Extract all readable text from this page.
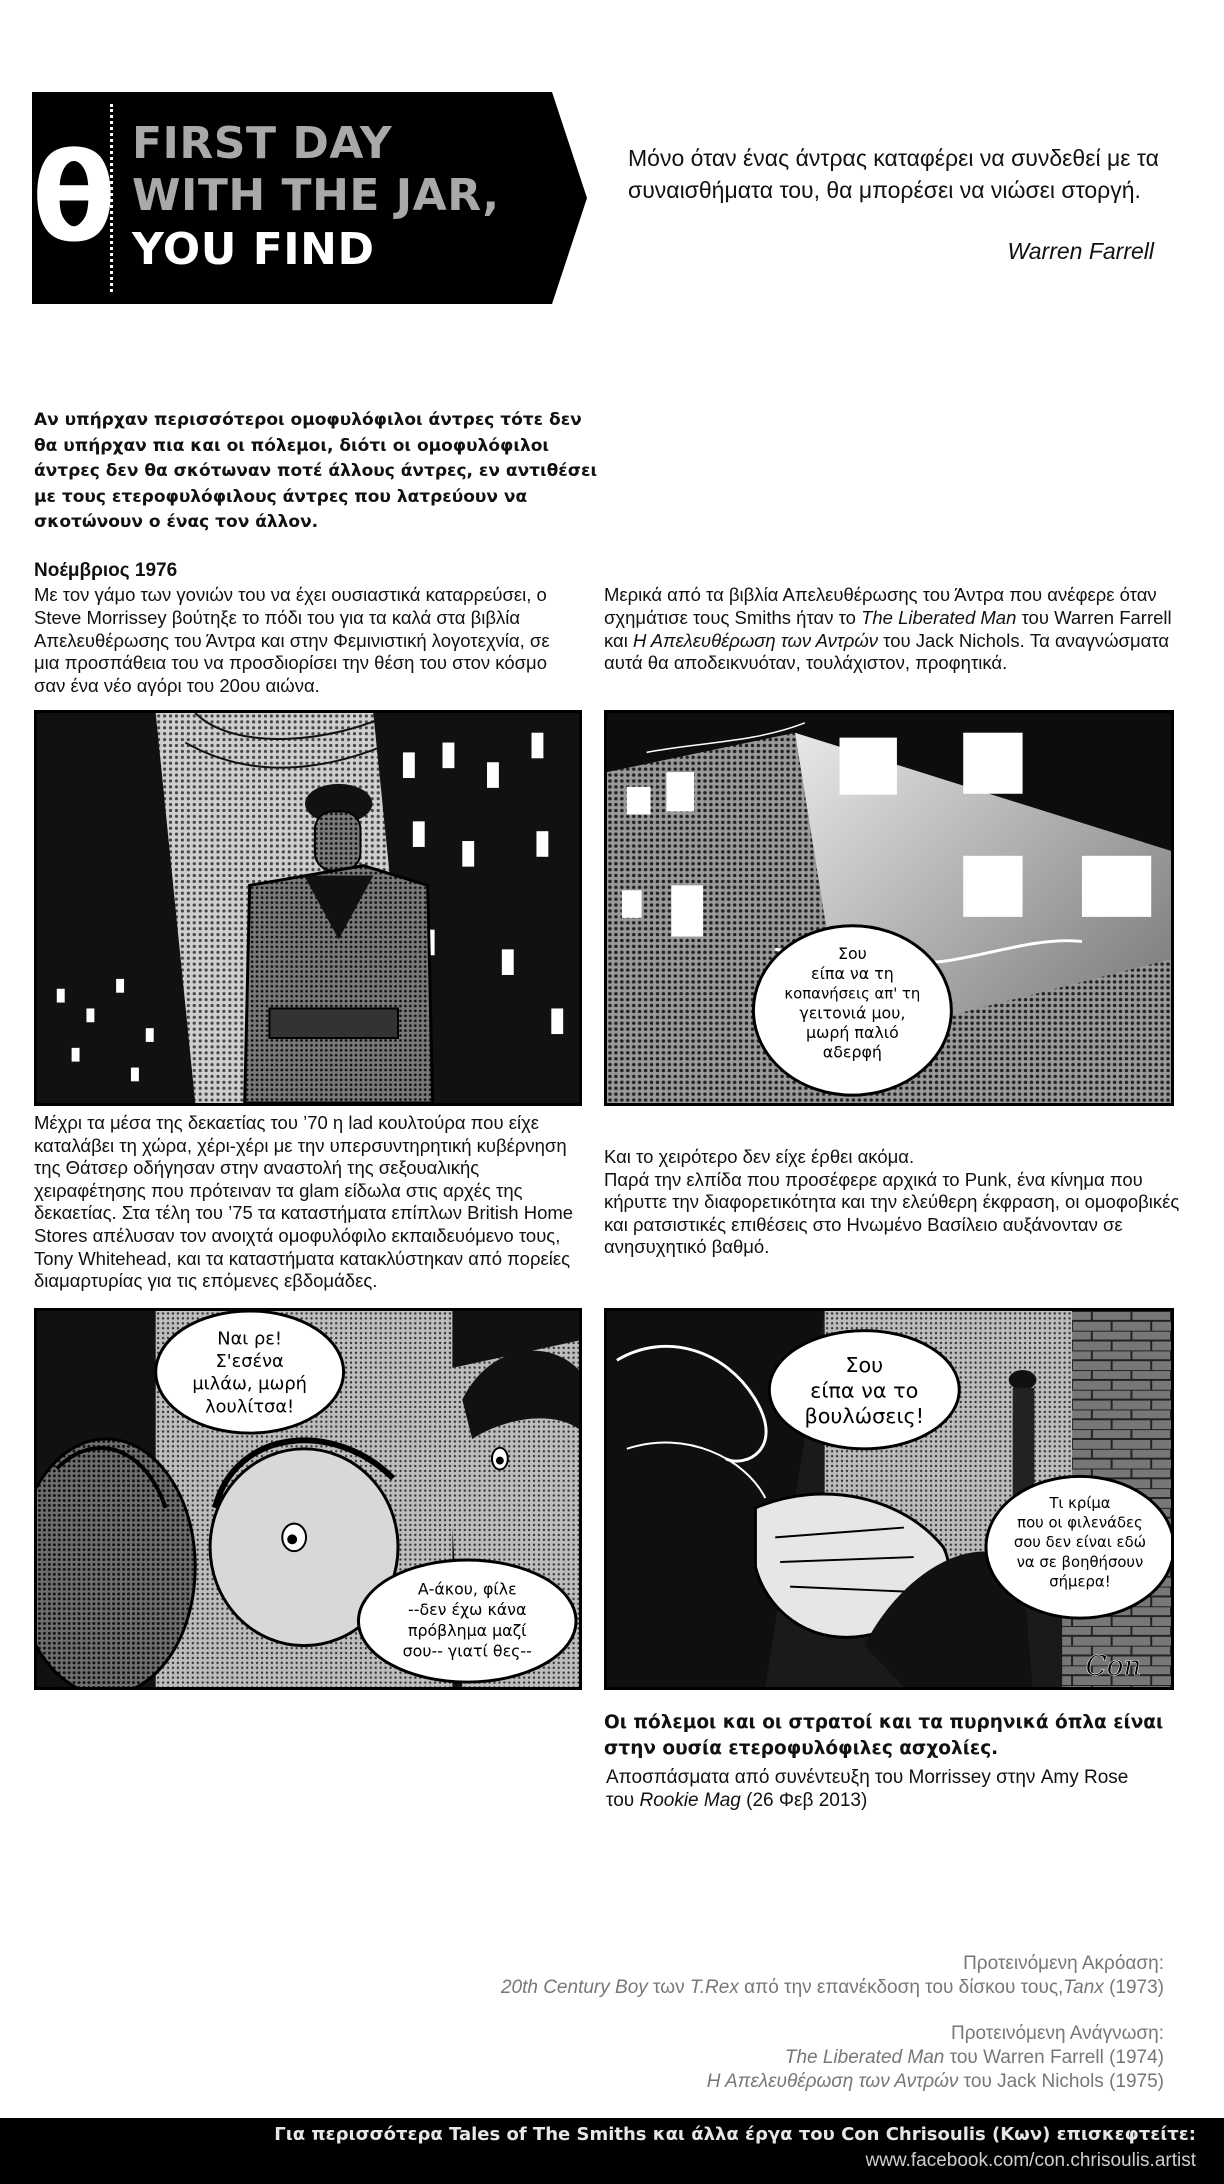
θ FIRST DAY
WITH THE JAR,
YOU FIND
Μόνο όταν ένας άντρας καταφέρει να συνδεθεί με τα συναισθήματα του, θα μπορέσει να νιώσει στοργή.
Warren Farrell
Αν υπήρχαν περισσότεροι ομοφυλόφιλοι άντρες τότε δεν θα υπήρχαν πια και οι πόλεμοι, διότι οι ομοφυλόφιλοι άντρες δεν θα σκότωναν ποτέ άλλους άντρες, εν αντιθέσει με τους ετεροφυλόφιλους άντρες που λατρεύουν να σκοτώνουν ο ένας τον άλλον.
Νοέμβριος 1976
Με τον γάμο των γονιών του να έχει ουσιαστικά καταρρεύσει, ο Steve Morrissey βούτηξε το πόδι του για τα καλά στα βιβλία Απελευθέρωσης του Άντρα και στην Φεμινιστική λογοτεχνία, σε μια προσπάθεια του να προσδιορίσει την θέση του στον κόσμο σαν ένα νέο αγόρι του 20ου αιώνα.
Μερικά από τα βιβλία Απελευθέρωσης του Άντρα που ανέφερε όταν σχημάτισε τους Smiths ήταν το The Liberated Man του Warren Farrell και Η Απελευθέρωση των Αντρών του Jack Nichols. Τα αναγνώσματα αυτά θα αποδεικνυόταν, τουλάχιστον, προφητικά.
Σου
είπα να τη
κοπανήσεις απ' τη
γειτονιά μου,
μωρή παλιό
αδερφή
Μέχρι τα μέσα της δεκαετίας του ’70 η lad κουλτούρα που είχε καταλάβει τη χώρα, χέρι-χέρι με την υπερσυντηρητική κυβέρνηση της Θάτσερ οδήγησαν στην αναστολή της σεξουαλικής χειραφέτησης που πρότειναν τα glam είδωλα στις αρχές της δεκαετίας. Στα τέλη του ’75 τα καταστήματα επίπλων British Home Stores απέλυσαν τον ανοιχτά ομοφυλόφιλο εκπαιδευόμενο τους, Tony Whitehead, και τα καταστήματα κατακλύστηκαν από πορείες διαμαρτυρίας για τις επόμενες εβδομάδες.
Και το χειρότερο δεν είχε έρθει ακόμα.
Παρά την ελπίδα που προσέφερε αρχικά το Punk, ένα κίνημα που κήρυττε την διαφορετικότητα και την ελεύθερη έκφραση, οι ομοφοβικές και ρατσιστικές επιθέσεις στο Ηνωμένο Βασίλειο αυξάνονταν σε ανησυχητικό βαθμό.
Ναι ρε!
Σ'εσένα
μιλάω, μωρή
λουλίτσα!
Α-άκου, φίλε
--δεν έχω κάνα
πρόβλημα μαζί
σου-- γιατί θες--
Σου
είπα να το
βουλώσεις!
Τι κρίμα
που οι φιλενάδες
σου δεν είναι εδώ
να σε βοηθήσουν
σήμερα!
Con
Οι πόλεμοι και οι στρατοί και τα πυρηνικά όπλα είναι στην ουσία ετεροφυλόφιλες ασχολίες.
Αποσπάσματα από συνέντευξη του Morrissey στην Amy Rose
του Rookie Mag (26 Φεβ 2013)
Προτεινόμενη Ακρόαση:
20th Century Boy των T.Rex από την επανέκδοση του δίσκου τους,Tanx (1973)
Προτεινόμενη Ανάγνωση:
The Liberated Man του Warren Farrell (1974)
Η Απελευθέρωση των Αντρών του Jack Nichols (1975)
Για περισσότερα Tales of The Smiths και άλλα έργα του Con Chrisoulis (Κων) επισκεφτείτε:
www.facebook.com/con.chrisoulis.artist
